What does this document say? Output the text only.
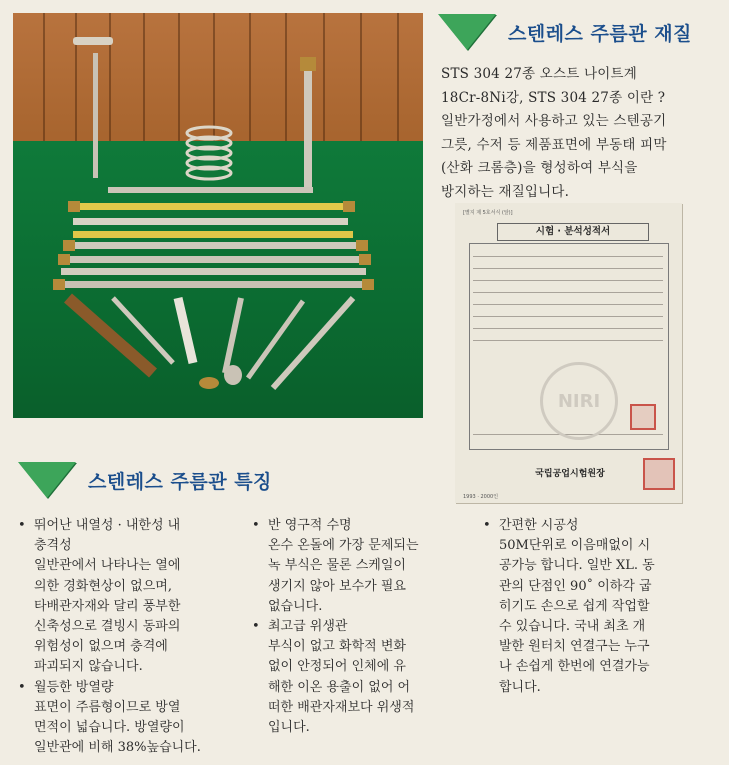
스텐레스 주름관 재질
STS 304 27종 오스트 나이트계
18Cr-8Ni강, STS 304 27종 이란 ?
일반가정에서 사용하고 있는 스텐공기
그릇, 수저 등 제품표면에 부동태 피막
(산화 크롬층)을 형성하여 부식을
방지하는 재질입니다.
[별지 제 5호서식 (앞)]
시험 · 분석성적서
NIRI
국립공업시험원장
1993 · 2000인
스텐레스 주름관 특징
• 뛰어난 내열성 · 내한성 내
충격성
일반관에서 나타나는 열에
의한 경화현상이 없으며,
타배관자재와 달리 풍부한
신축성으로 결빙시 동파의
위험성이 없으며 충격에
파괴되지 않습니다.
• 월등한 방열량
표면이 주름형이므로 방열
면적이 넓습니다. 방열량이
일반관에 비해 38%높습니다.
• 반 영구적 수명
온수 온돌에 가장 문제되는
녹 부식은 물론 스케일이
생기지 않아 보수가 필요
없습니다.
• 최고급 위생관
부식이 없고 화학적 변화
없이 안정되어 인체에 유
해한 이온 용출이 없어 어
떠한 배관자재보다 위생적
입니다.
• 간편한 시공성
50M단위로 이음매없이 시
공가능 합니다. 일반 XL. 동
관의 단점인 90˚ 이하각 굽
히기도 손으로 쉽게 작업할
수 있습니다. 국내 최초 개
발한 원터치 연결구는 누구
나 손쉽게 한번에 연결가능
합니다.
